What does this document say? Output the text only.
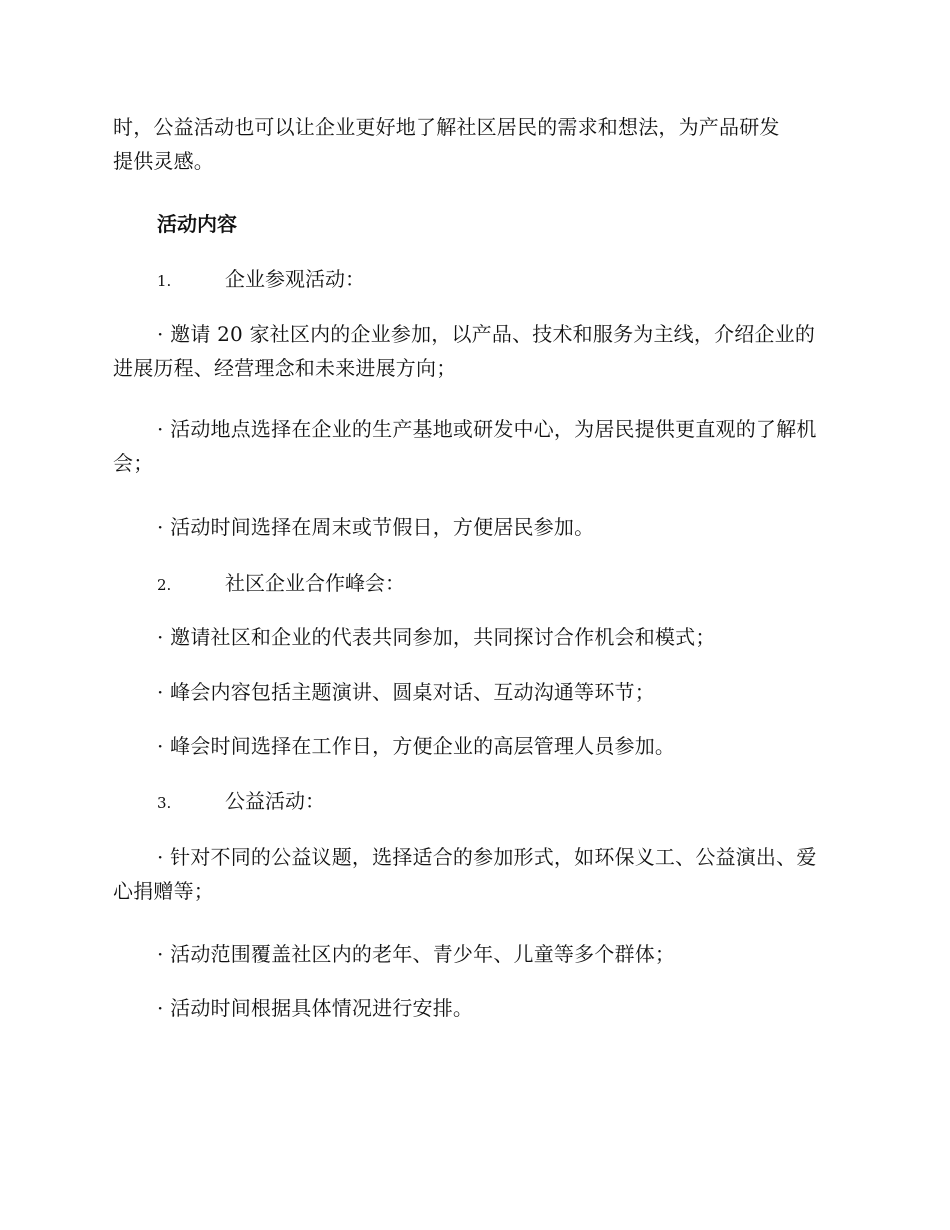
时，公益活动也可以让企业更好地了解社区居民的需求和想法，为产品研发
提供灵感。
活动内容
1.	企业参观活动：
· 邀请 20 家社区内的企业参加，以产品、技术和服务为主线，介绍企业的进展历程、经营理念和未来进展方向；
· 活动地点选择在企业的生产基地或研发中心，为居民提供更直观的了解机会；
· 活动时间选择在周末或节假日，方便居民参加。
2.	社区企业合作峰会：
· 邀请社区和企业的代表共同参加，共同探讨合作机会和模式；
· 峰会内容包括主题演讲、圆桌对话、互动沟通等环节；
· 峰会时间选择在工作日，方便企业的高层管理人员参加。
3.	公益活动：
· 针对不同的公益议题，选择适合的参加形式，如环保义工、公益演出、爱心捐赠等；
· 活动范围覆盖社区内的老年、青少年、儿童等多个群体；
· 活动时间根据具体情况进行安排。
